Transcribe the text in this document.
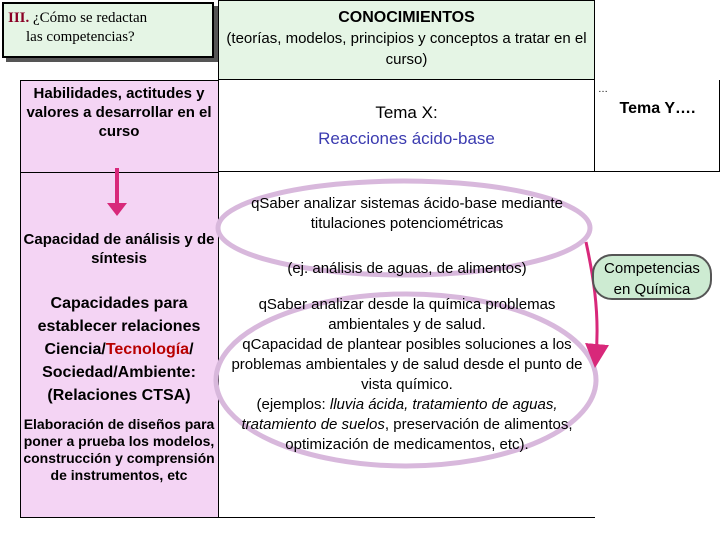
III. ¿Cómo se redactan
las competencias?
CONOCIMIENTOS
(teorías, modelos, principios y conceptos a tratar en el curso)
Habilidades, actitudes y valores a desarrollar en el curso
Capacidad de análisis y de síntesis
Capacidades para establecer relaciones
Ciencia/Tecnología/
Sociedad/Ambiente:
(Relaciones CTSA)
Elaboración de diseños para poner a prueba los modelos, construcción y comprensión de instrumentos, etc
Tema X:
Reacciones ácido-base
…
Tema Y….
qSaber analizar sistemas ácido-base mediante titulaciones potenciométricas
(ej. análisis de aguas, de alimentos)
qSaber analizar desde la química problemas ambientales y de salud.
qCapacidad de plantear posibles soluciones a los problemas ambientales y de salud desde el punto de vista químico.
(ejemplos: lluvia ácida, tratamiento de aguas, tratamiento de suelos, preservación de alimentos, optimización de medicamentos, etc).
Competencias
en Química
